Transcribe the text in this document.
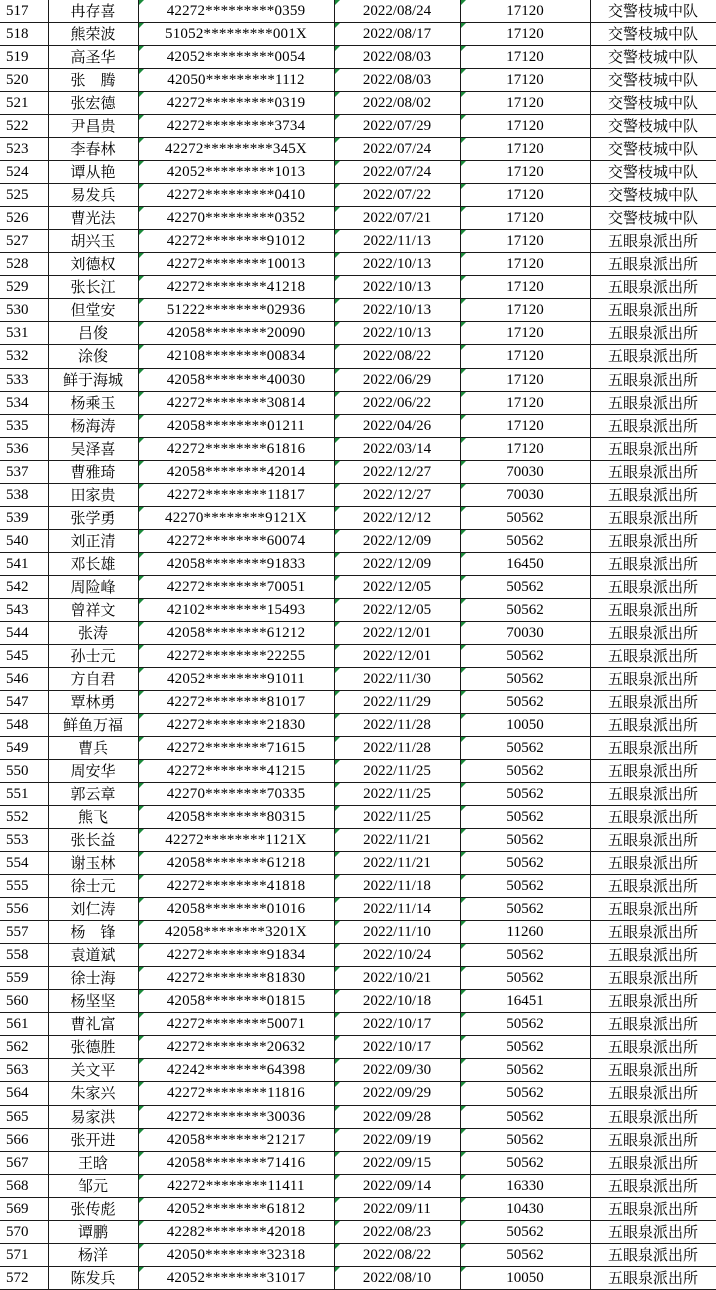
517	冉存喜	42272*********0359	2022/08/24	17120	交警枝城中队
518	熊荣波	51052*********001X	2022/08/17	17120	交警枝城中队
519	高圣华	42052*********0054	2022/08/03	17120	交警枝城中队
520	张　腾	42050*********1112	2022/08/03	17120	交警枝城中队
521	张宏德	42272*********0319	2022/08/02	17120	交警枝城中队
522	尹昌贵	42272*********3734	2022/07/29	17120	交警枝城中队
523	李春林	42272*********345X	2022/07/24	17120	交警枝城中队
524	谭从艳	42052*********1013	2022/07/24	17120	交警枝城中队
525	易发兵	42272*********0410	2022/07/22	17120	交警枝城中队
526	曹光法	42270*********0352	2022/07/21	17120	交警枝城中队
527	胡兴玉	42272********91012	2022/11/13	17120	五眼泉派出所
528	刘德权	42272********10013	2022/10/13	17120	五眼泉派出所
529	张长江	42272********41218	2022/10/13	17120	五眼泉派出所
530	但堂安	51222********02936	2022/10/13	17120	五眼泉派出所
531	吕俊	42058********20090	2022/10/13	17120	五眼泉派出所
532	涂俊	42108********00834	2022/08/22	17120	五眼泉派出所
533	鲜于海城	42058********40030	2022/06/29	17120	五眼泉派出所
534	杨乘玉	42272********30814	2022/06/22	17120	五眼泉派出所
535	杨海涛	42058********01211	2022/04/26	17120	五眼泉派出所
536	吴泽喜	42272********61816	2022/03/14	17120	五眼泉派出所
537	曹雅琦	42058********42014	2022/12/27	70030	五眼泉派出所
538	田家贵	42272********11817	2022/12/27	70030	五眼泉派出所
539	张学勇	42270********9121X	2022/12/12	50562	五眼泉派出所
540	刘正清	42272********60074	2022/12/09	50562	五眼泉派出所
541	邓长雄	42058********91833	2022/12/09	16450	五眼泉派出所
542	周险峰	42272********70051	2022/12/05	50562	五眼泉派出所
543	曾祥文	42102********15493	2022/12/05	50562	五眼泉派出所
544	张涛	42058********61212	2022/12/01	70030	五眼泉派出所
545	孙士元	42272********22255	2022/12/01	50562	五眼泉派出所
546	方自君	42052********91011	2022/11/30	50562	五眼泉派出所
547	覃林勇	42272********81017	2022/11/29	50562	五眼泉派出所
548	鲜鱼万福	42272********21830	2022/11/28	10050	五眼泉派出所
549	曹兵	42272********71615	2022/11/28	50562	五眼泉派出所
550	周安华	42272********41215	2022/11/25	50562	五眼泉派出所
551	郭云章	42270********70335	2022/11/25	50562	五眼泉派出所
552	熊飞	42058********80315	2022/11/25	50562	五眼泉派出所
553	张长益	42272********1121X	2022/11/21	50562	五眼泉派出所
554	谢玉林	42058********61218	2022/11/21	50562	五眼泉派出所
555	徐士元	42272********41818	2022/11/18	50562	五眼泉派出所
556	刘仁涛	42058********01016	2022/11/14	50562	五眼泉派出所
557	杨　锋	42058********3201X	2022/11/10	11260	五眼泉派出所
558	袁道斌	42272********91834	2022/10/24	50562	五眼泉派出所
559	徐士海	42272********81830	2022/10/21	50562	五眼泉派出所
560	杨坚坚	42058********01815	2022/10/18	16451	五眼泉派出所
561	曹礼富	42272********50071	2022/10/17	50562	五眼泉派出所
562	张德胜	42272********20632	2022/10/17	50562	五眼泉派出所
563	关文平	42242********64398	2022/09/30	50562	五眼泉派出所
564	朱家兴	42272********11816	2022/09/29	50562	五眼泉派出所
565	易家洪	42272********30036	2022/09/28	50562	五眼泉派出所
566	张开进	42058********21217	2022/09/19	50562	五眼泉派出所
567	王晗	42058********71416	2022/09/15	50562	五眼泉派出所
568	邹元	42272********11411	2022/09/14	16330	五眼泉派出所
569	张传彪	42052********61812	2022/09/11	10430	五眼泉派出所
570	谭鹏	42282********42018	2022/08/23	50562	五眼泉派出所
571	杨洋	42050********32318	2022/08/22	50562	五眼泉派出所
572	陈发兵	42052********31017	2022/08/10	10050	五眼泉派出所
